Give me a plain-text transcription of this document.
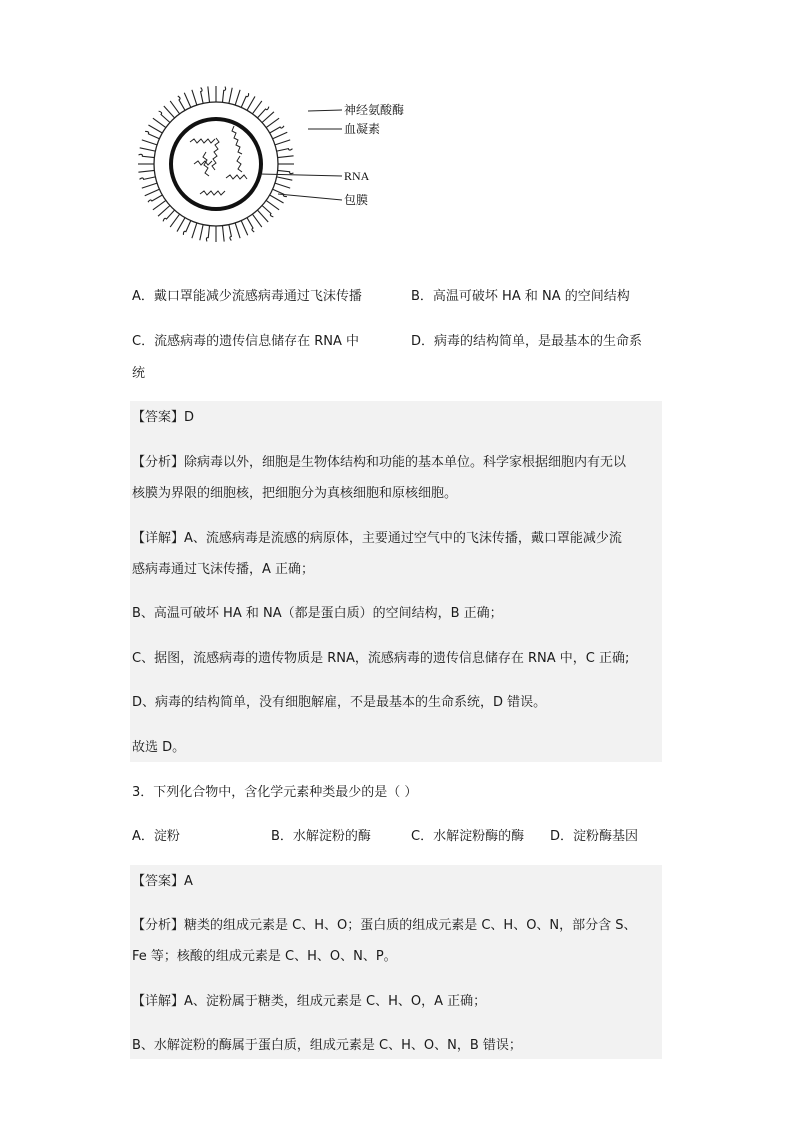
神经氨酸酶
血凝素
RNA
包膜
A．戴口罩能减少流感病毒通过飞沫传播	B．高温可破坏 HA 和 NA 的空间结构
C．流感病毒的遗传信息储存在 RNA 中	D．病毒的结构简单，是最基本的生命系
统
【答案】D
【分析】除病毒以外，细胞是生物体结构和功能的基本单位。科学家根据细胞内有无以
核膜为界限的细胞核，把细胞分为真核细胞和原核细胞。
【详解】A、流感病毒是流感的病原体，主要通过空气中的飞沫传播，戴口罩能减少流
感病毒通过飞沫传播，A 正确；
B、高温可破坏 HA 和 NA（都是蛋白质）的空间结构，B 正确；
C、据图，流感病毒的遗传物质是 RNA，流感病毒的遗传信息储存在 RNA 中，C 正确;
D、病毒的结构简单，没有细胞解雇，不是最基本的生命系统，D 错误。
故选 D。
3．下列化合物中，含化学元素种类最少的是（ ）
A．淀粉	B．水解淀粉的酶	C．水解淀粉酶的酶 D．淀粉酶基因
【答案】A
【分析】糖类的组成元素是 C、H、O；蛋白质的组成元素是 C、H、O、N，部分含 S、
Fe 等；核酸的组成元素是 C、H、O、N、P。
【详解】A、淀粉属于糖类，组成元素是 C、H、O，A 正确；
B、水解淀粉的酶属于蛋白质，组成元素是 C、H、O、N，B 错误；
